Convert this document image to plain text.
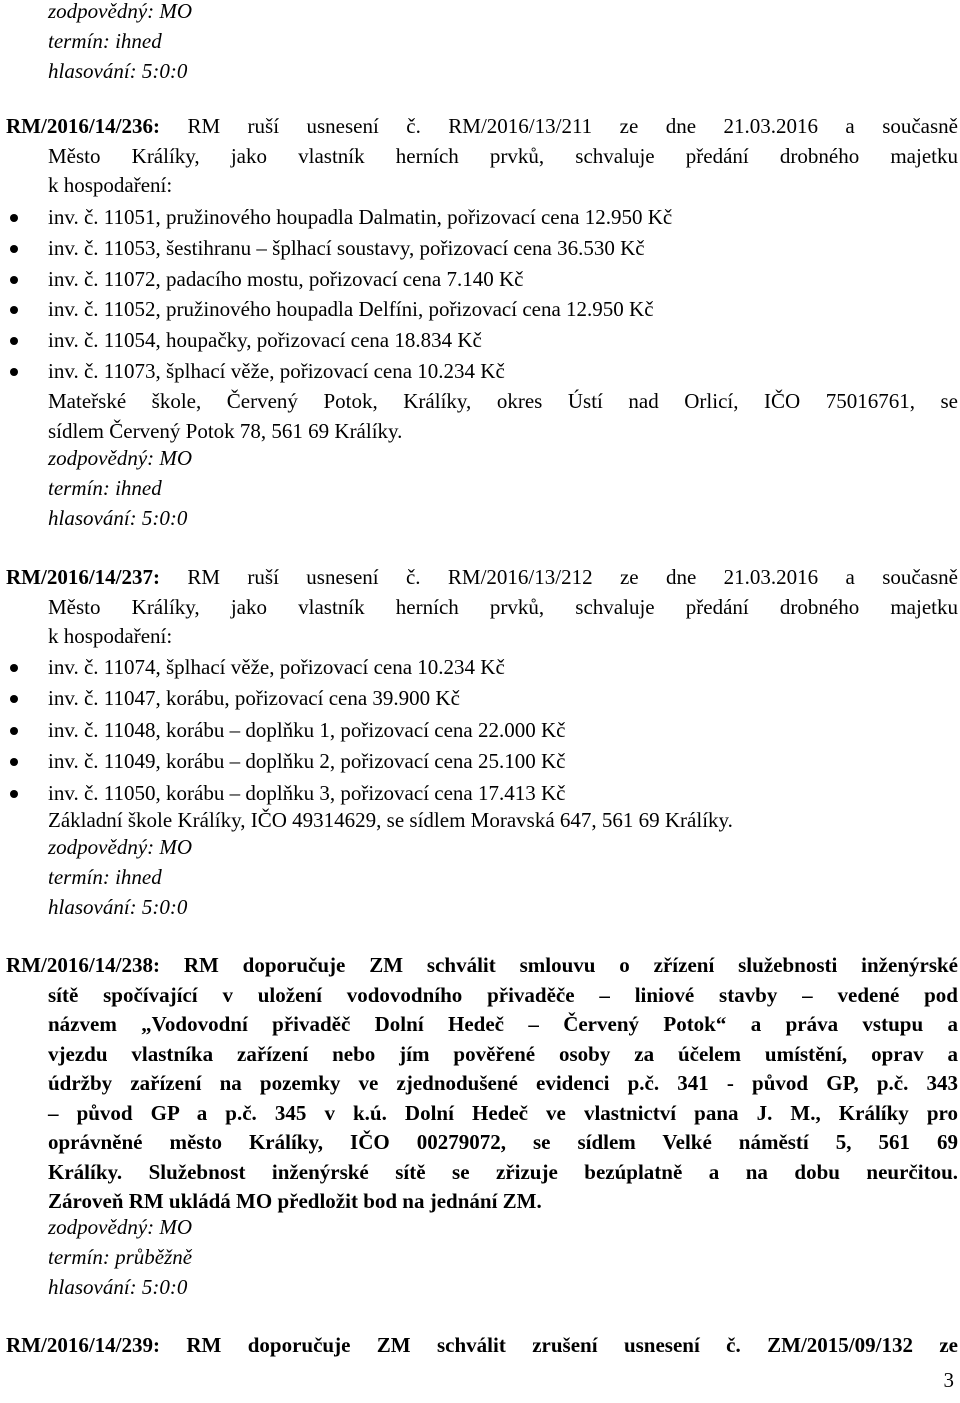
zodpovědný: MO
termín: ihned
hlasování: 5:0:0
RM/2016/14/236: RM ruší usnesení č. RM/2016/13/211 ze dne 21.03.2016 a současně
Město Králíky, jako vlastník herních prvků, schvaluje předání drobného majetku
k hospodaření:
inv. č. 11051, pružinového houpadla Dalmatin, pořizovací cena 12.950 Kč
inv. č. 11053, šestihranu – šplhací soustavy, pořizovací cena 36.530 Kč
inv. č. 11072, padacího mostu, pořizovací cena 7.140 Kč
inv. č. 11052, pružinového houpadla Delfíni, pořizovací cena 12.950 Kč
inv. č. 11054, houpačky, pořizovací cena 18.834 Kč
inv. č. 11073, šplhací věže, pořizovací cena 10.234 Kč
Mateřské škole, Červený Potok, Králíky, okres Ústí nad Orlicí, IČO 75016761, se
sídlem Červený Potok 78, 561 69 Králíky.
zodpovědný: MO
termín: ihned
hlasování: 5:0:0
RM/2016/14/237: RM ruší usnesení č. RM/2016/13/212 ze dne 21.03.2016 a současně
Město Králíky, jako vlastník herních prvků, schvaluje předání drobného majetku
k hospodaření:
inv. č. 11074, šplhací věže, pořizovací cena 10.234 Kč
inv. č. 11047, korábu, pořizovací cena 39.900 Kč
inv. č. 11048, korábu – doplňku 1, pořizovací cena 22.000 Kč
inv. č. 11049, korábu – doplňku 2, pořizovací cena 25.100 Kč
inv. č. 11050, korábu – doplňku 3, pořizovací cena 17.413 Kč
Základní škole Králíky, IČO 49314629, se sídlem Moravská 647, 561 69 Králíky.
zodpovědný: MO
termín: ihned
hlasování: 5:0:0
RM/2016/14/238: RM doporučuje ZM schválit smlouvu o zřízení služebnosti inženýrské
sítě spočívající v uložení vodovodního přivaděče – liniové stavby – vedené pod
názvem „Vodovodní přivaděč Dolní Hedeč – Červený Potok“ a práva vstupu a
vjezdu vlastníka zařízení nebo jím pověřené osoby za účelem umístění, oprav a
údržby zařízení na pozemky ve zjednodušené evidenci p.č. 341 - původ GP, p.č. 343
– původ GP a p.č. 345 v k.ú. Dolní Hedeč ve vlastnictví pana J. M., Králíky pro
oprávněné město Králíky, IČO 00279072, se sídlem Velké náměstí 5, 561 69
Králíky. Služebnost inženýrské sítě se zřizuje bezúplatně a na dobu neurčitou.
Zároveň RM ukládá MO předložit bod na jednání ZM.
zodpovědný: MO
termín: průběžně
hlasování: 5:0:0
RM/2016/14/239: RM doporučuje ZM schválit zrušení usnesení č. ZM/2015/09/132 ze
3
